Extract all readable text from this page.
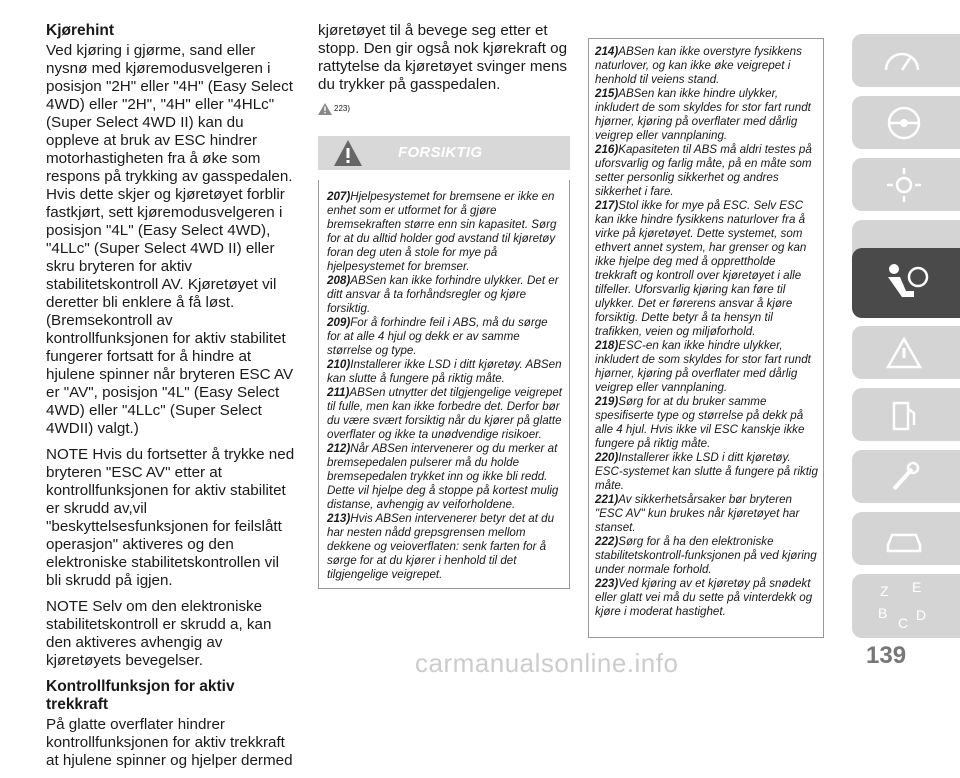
Kjørehint

Ved kjøring i gjørme, sand eller nysnø med kjøremodusvelgeren i posisjon "2H" eller "4H" (Easy Select 4WD) eller "2H", "4H" eller "4HLc" (Super Select 4WD II) kan du oppleve at bruk av ESC hindrer motorhastigheten fra å øke som respons på trykking av gasspedalen. Hvis dette skjer og kjøretøyet forblir fastkjørt, sett kjøremodusvelgeren i posisjon "4L" (Easy Select 4WD), "4LLc" (Super Select 4WD II) eller skru bryteren for aktiv stabilitetskontroll AV. Kjøretøyet vil deretter bli enklere å få løst. (Bremsekontroll av kontrollfunksjonen for aktiv stabilitet fungerer fortsatt for å hindre at hjulene spinner når bryteren ESC AV er "AV", posisjon "4L" (Easy Select 4WD) eller "4LLc" (Super Select 4WDII) valgt.)

NOTE Hvis du fortsetter å trykke ned bryteren "ESC AV" etter at kontrollfunksjonen for aktiv stabilitet er skrudd av,vil "beskyttelsesfunksjonen for feilslått operasjon" aktiveres og den elektroniske stabilitetskontrollen vil bli skrudd på igjen.

NOTE Selv om den elektroniske stabilitetskontroll er skrudd a, kan den aktiveres avhengig av kjøretøyets bevegelser.

Kontrollfunksjon for aktiv trekkraft

På glatte overflater hindrer kontrollfunksjonen for aktiv trekkraft at hjulene spinner og hjelper dermed

kjøretøyet til å bevege seg etter et stopp. Den gir også nok kjørekraft og rattytelse da kjøretøyet svinger mens du trykker på gasspedalen.

223)
FORSIKTIG
207)Hjelpesystemet for bremsene er ikke en enhet som er utformet for å gjøre bremsekraften større enn sin kapasitet. Sørg for at du alltid holder god avstand til kjøretøy foran deg uten å stole for mye på hjelpesystemet for bremser.
208)ABSen kan ikke forhindre ulykker. Det er ditt ansvar å ta forhåndsregler og kjøre forsiktig.
209)For å forhindre feil i ABS, må du sørge for at alle 4 hjul og dekk er av samme størrelse og type.
210)Installerer ikke LSD i ditt kjøretøy. ABSen kan slutte å fungere på riktig måte.
211)ABSen utnytter det tilgjengelige veigrepet til fulle, men kan ikke forbedre det. Derfor bør du være svært forsiktig når du kjører på glatte overflater og ikke ta unødvendige risikoer.
212)Når ABSen intervenerer og du merker at bremsepedalen pulserer må du holde bremsepedalen trykket inn og ikke bli redd. Dette vil hjelpe deg å stoppe på kortest mulig distanse, avhengig av veiforholdene.
213)Hvis ABSen intervenerer betyr det at du har nesten nådd grepsgrensen mellom dekkene og veioverflaten: senk farten for å sørge for at du kjører i henhold til det tilgjengelige veigrepet.
214)ABSen kan ikke overstyre fysikkens naturlover, og kan ikke øke veigrepet i henhold til veiens stand.
215)ABSen kan ikke hindre ulykker, inkludert de som skyldes for stor fart rundt hjørner, kjøring på overflater med dårlig veigrep eller vannplaning.
216)Kapasiteten til ABS må aldri testes på uforsvarlig og farlig måte, på en måte som setter personlig sikkerhet og andres sikkerhet i fare.
217)Stol ikke for mye på ESC. Selv ESC kan ikke hindre fysikkens naturlover fra å virke på kjøretøyet. Dette systemet, som ethvert annet system, har grenser og kan ikke hjelpe deg med å opprettholde trekkraft og kontroll over kjøretøyet i alle tilfeller. Uforsvarlig kjøring kan føre til ulykker. Det er førerens ansvar å kjøre forsiktig. Dette betyr å ta hensyn til trafikken, veien og miljøforhold.
218)ESC-en kan ikke hindre ulykker, inkludert de som skyldes for stor fart rundt hjørner, kjøring på overflater med dårlig veigrep eller vannplaning.
219)Sørg for at du bruker samme spesifiserte type og størrelse på dekk på alle 4 hjul. Hvis ikke vil ESC kanskje ikke fungere på riktig måte.
220)Installerer ikke LSD i ditt kjøretøy. ESC-systemet kan slutte å fungere på riktig måte.
221)Av sikkerhetsårsaker bør bryteren "ESC AV" kun brukes når kjøretøyet har stanset.
222)Sørg for å ha den elektroniske stabilitetskontroll-funksjonen på ved kjøring under normale forhold.
223)Ved kjøring av et kjøretøy på snødekt eller glatt vei må du sette på vinterdekk og kjøre i moderat hastighet.
Z E
B
C D
carmanualsonline.info	139
